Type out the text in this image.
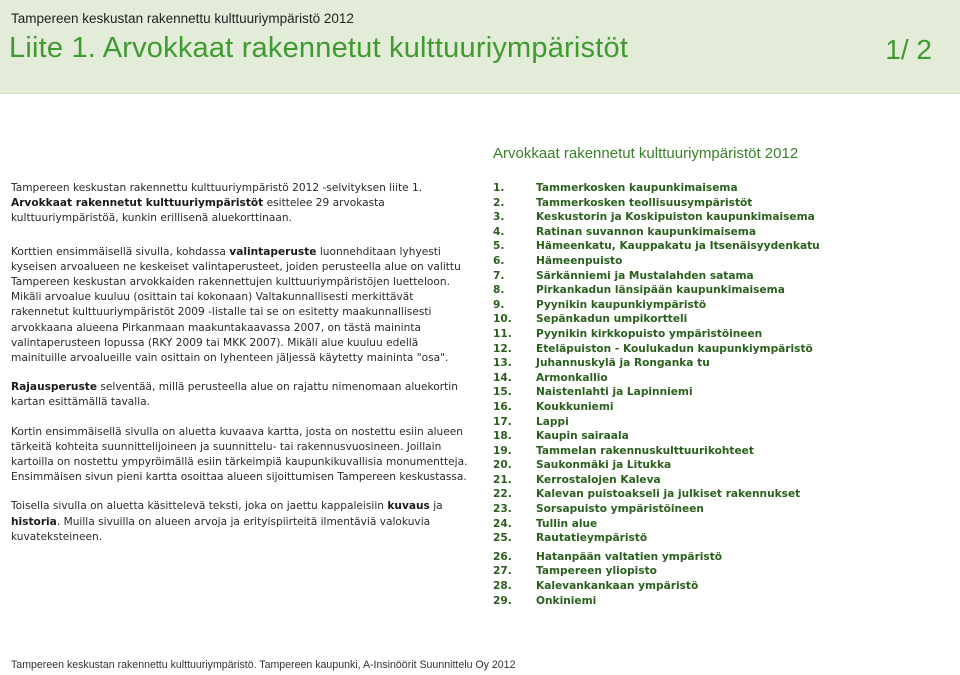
Tampereen keskustan rakennettu kulttuuriympäristö 2012
Liite 1. Arvokkaat rakennetut kulttuuriympäristöt	1/ 2

Tampereen keskustan rakennettu kulttuuriympäristö 2012 -selvityksen liite 1. Arvokkaat rakennetut kulttuuriympäristöt esittelee 29 arvokasta kulttuuriympäristöä, kunkin erillisenä aluekorttinaan.

Korttien ensimmäisellä sivulla, kohdassa valintaperuste luonnehditaan lyhyesti kyseisen arvoalueen ne keskeiset valintaperusteet, joiden perusteella alue on valittu Tampereen keskustan arvokkaiden rakennettujen kulttuuriympäristöjen luetteloon. Mikäli arvoalue kuuluu (osittain tai kokonaan) Valtakunnallisesti merkittävät rakennetut kulttuuriympäristöt 2009 -listalle tai se on esitetty maakunnallisesti arvokkaana alueena Pirkanmaan maakuntakaavassa 2007, on tästä maininta valintaperusteen lopussa (RKY 2009 tai MKK 2007). Mikäli alue kuuluu edellä mainituille arvoalueille vain osittain on lyhenteen jäljessä käytetty maininta "osa".

Rajausperuste selventää, millä perusteella alue on rajattu nimenomaan aluekortin kartan esittämällä tavalla.

Kortin ensimmäisellä sivulla on aluetta kuvaava kartta, josta on nostettu esiin alueen tärkeitä kohteita suunnittelijoineen ja suunnittelu- tai rakennusvuosineen. Joillain kartoilla on nostettu ympyröimällä esiin tärkeimpiä kaupunkikuvallisia monumentteja. Ensimmäisen sivun pieni kartta osoittaa alueen sijoittumisen Tampereen keskustassa.

Toisella sivulla on aluetta käsittelevä teksti, joka on jaettu kappaleisiin kuvaus ja historia. Muilla sivuilla on alueen arvoja ja erityispiirteitä ilmentäviä valokuvia kuvateksteineen.

Arvokkaat rakennetut kulttuuriympäristöt 2012
1.	Tammerkosken kaupunkimaisema
2.	Tammerkosken teollisuusympäristöt
3.	Keskustorin ja Koskipuiston kaupunkimaisema
4.	Ratinan suvannon kaupunkimaisema
5.	Hämeenkatu, Kauppakatu ja Itsenäisyydenkatu
6.	Hämeenpuisto
7.	Särkänniemi ja Mustalahden satama
8.	Pirkankadun länsipään kaupunkimaisema
9.	Pyynikin kaupunkiympäristö
10.	Sepänkadun umpikortteli
11.	Pyynikin kirkkopuisto ympäristöineen
12.	Eteläpuiston - Koulukadun kaupunkiympäristö
13.	Juhannuskylä ja Ronganka tu
14.	Armonkallio
15.	Naistenlahti ja Lapinniemi
16.	Koukkuniemi
17.	Lappi
18.	Kaupin sairaala
19.	Tammelan rakennuskulttuurikohteet
20.	Saukonmäki ja Litukka
21.	Kerrostalojen Kaleva
22.	Kalevan puistoakseli ja julkiset rakennukset
23.	Sorsapuisto ympäristöineen
24.	Tullin alue
25.	Rautatieympäristö
26.	Hatanpään valtatien ympäristö
27.	Tampereen yliopisto
28.	Kalevankankaan ympäristö
29.	Onkiniemi
Tampereen keskustan rakennettu kulttuuriympäristö. Tampereen kaupunki, A-Insinöörit Suunnittelu Oy 2012
